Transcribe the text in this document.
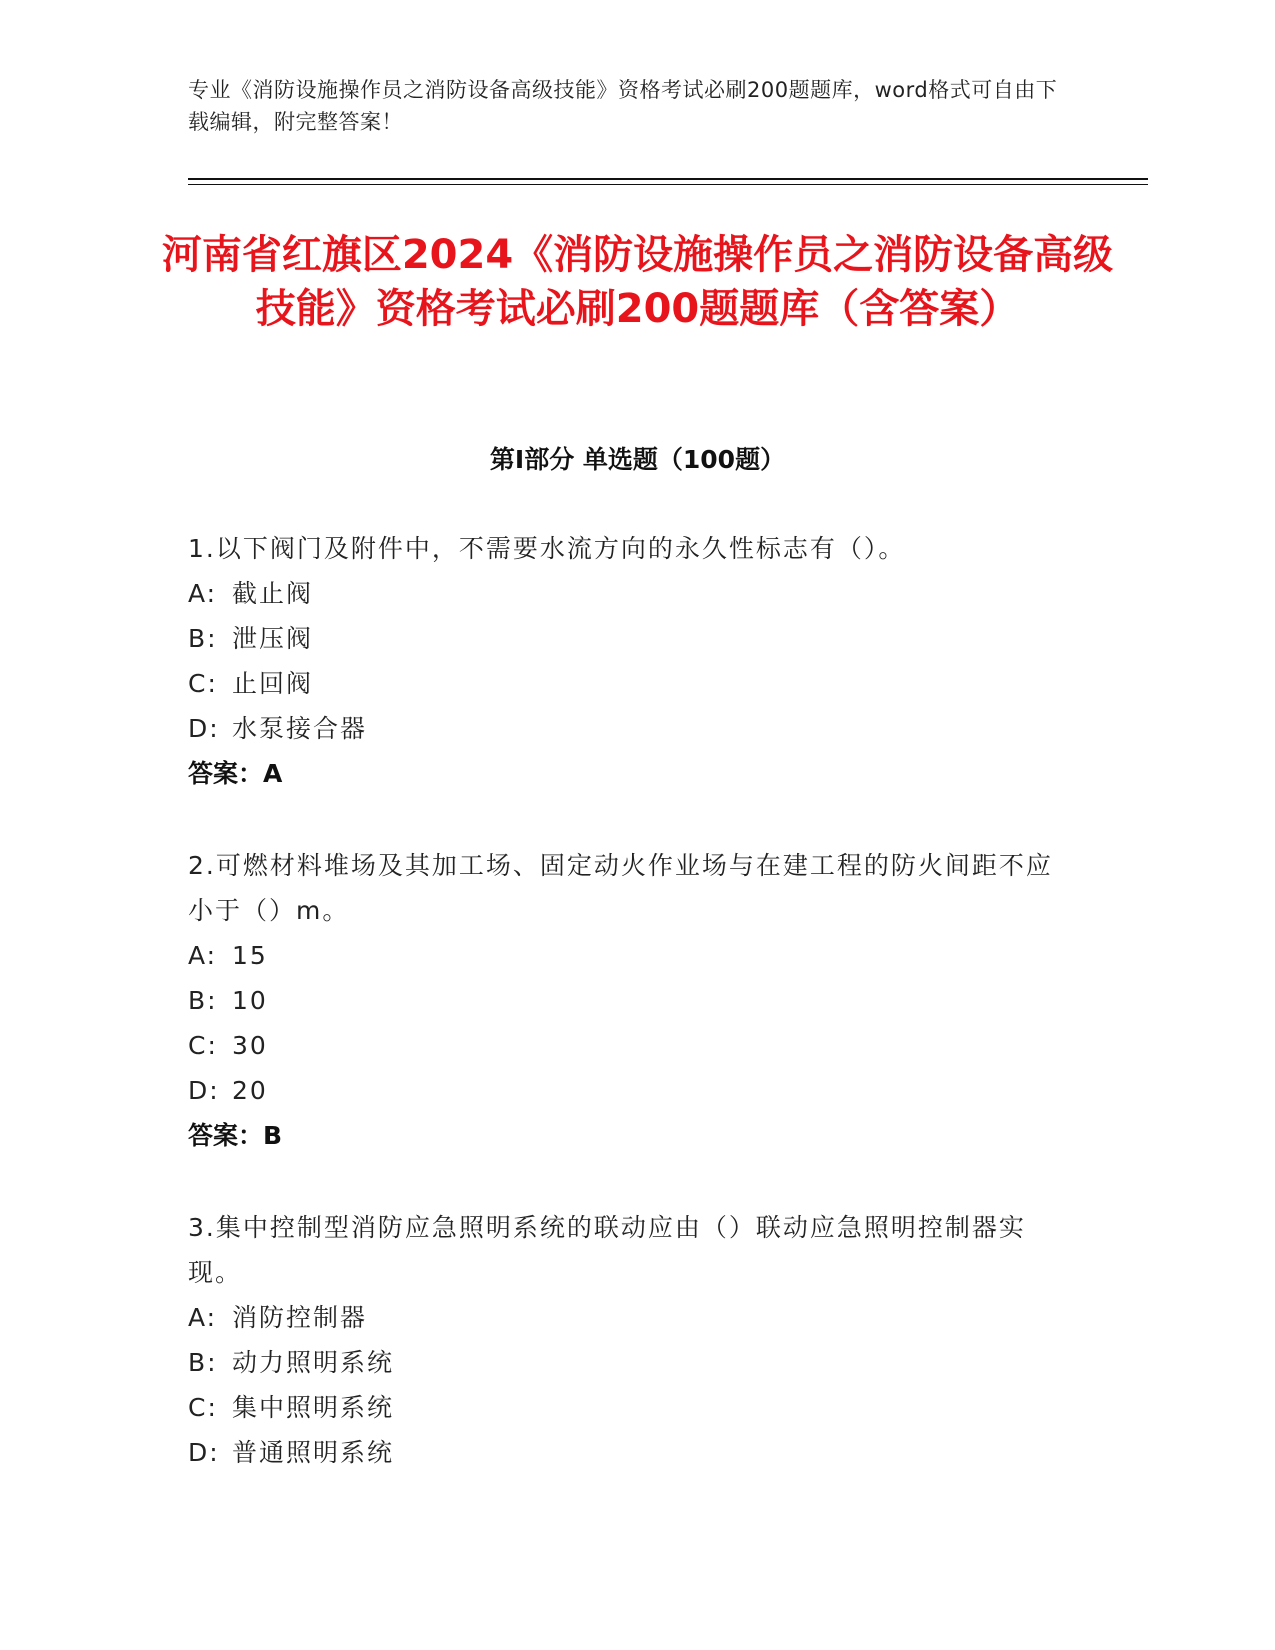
专业《消防设施操作员之消防设备高级技能》资格考试必刷200题题库，word格式可自由下载编辑，附完整答案！
河南省红旗区2024《消防设施操作员之消防设备高级技能》资格考试必刷200题题库（含答案）
第Ⅰ部分 单选题（100题）
1.以下阀门及附件中，不需要水流方向的永久性标志有（）。
A: 截止阀
B: 泄压阀
C: 止回阀
D: 水泵接合器
答案：A
2.可燃材料堆场及其加工场、固定动火作业场与在建工程的防火间距不应小于（）m。
A: 15
B: 10
C: 30
D: 20
答案：B
3.集中控制型消防应急照明系统的联动应由（）联动应急照明控制器实现。
A: 消防控制器
B: 动力照明系统
C: 集中照明系统
D: 普通照明系统
